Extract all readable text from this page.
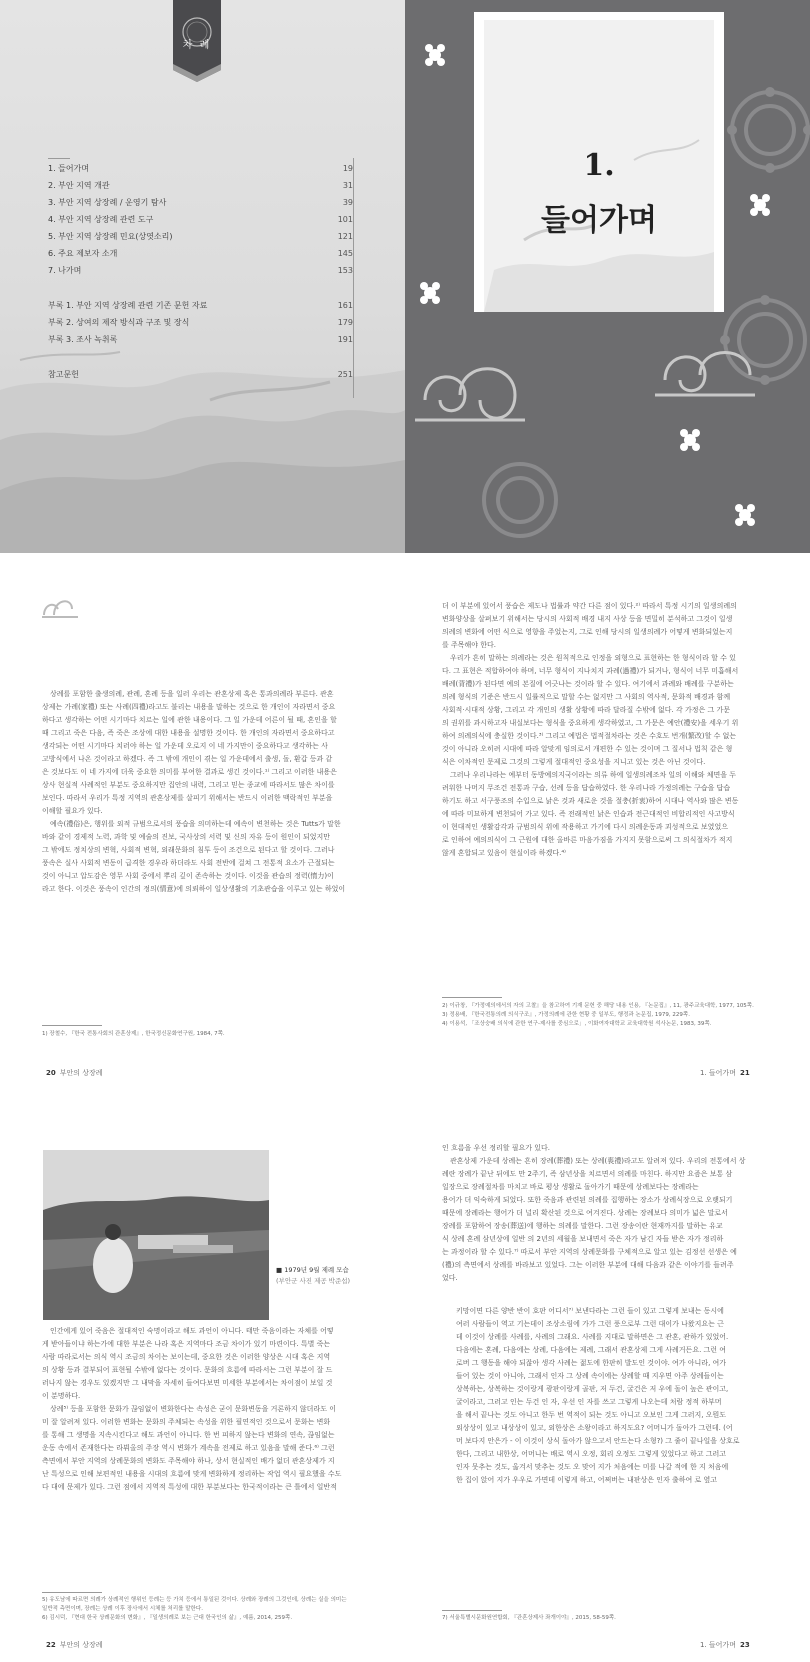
차 례
1. 들어가며	19
2. 부안 지역 개관	31
3. 부안 지역 상장례 / 운영기 탐사	39
4. 부안 지역 상장례 관련 도구	101
5. 부안 지역 상장례 민요(상엿소리)	121
6. 주요 제보자 소개	145
7. 나가며	153
부록 1. 부안 지역 상장례 관련 기존 문헌 자료	161
부록 2. 상여의 제작 방식과 구조 및 장식	179
부록 3. 조사 녹취록	191
참고문헌	251
1.
들어가며
상례를 포함한 출생의례, 관례, 혼례 등을 일러 우리는 관혼상제 혹은 통과의례라 부른다. 관혼
상제는 가례(家禮) 또는 사례(四禮)라고도 불리는 내용을 말하는 것으로 한 개인이 자라면서 중요
하다고 생각하는 어떤 시기마다 치르는 일에 관한 내용이다. 그 일 가운데 어른이 될 때, 혼인을 할
때 그리고 죽은 다음, 즉 죽은 조상에 대한 내용을 설명한 것이다. 한 개인의 자라면서 중요하다고
생각되는 어떤 시기마다 치러야 하는 일 가운데 오로지 이 네 가지만이 중요하다고 생각하는 사
고방식에서 나온 것이라고 하겠다. 즉 그 밖에 개인이 겪는 일 가운데에서 출생, 돌, 환갑 등과 같
은 것보다도 이 네 가지에 더욱 중요한 의미를 부여한 결과로 생긴 것이다.¹⁾ 그리고 이러한 내용은
상사 현실적 사례적인 부분도 중요하지만 집안의 내력, 그리고 믿는 종교에 따라서도 많은 차이를
보인다. 따라서 우리가 특정 지역의 관혼상제를 살피기 위해서는 반드시 이러한 맥락적인 부분을
이해할 필요가 있다.
예속(禮俗)은, 행위를 외적 규범으로서의 풍습을 의미하는데 예속이 변천하는 것은 Tutts가 말한
바와 같이 경제적 노력, 과학 및 예술의 진보, 국사상의 서력 및 신의 자유 등이 원인이 되었지만
그 밖에도 정치상의 변혁, 사회적 변혁, 외래문화의 침투 등이 조건으로 된다고 할 것이다. 그러나
풍속은 실사 사회적 변동이 급격한 경우라 하더라도 사회 전반에 걸쳐 그 전통적 요소가 근절되는
것이 아니고 압도감은 영무 사회 중에서 뿌리 깊이 존속하는 것이다. 이것을 관습의 정력(惰力)이
라고 한다. 이것은 풍속이 인간의 정의(情意)에 의뢰하이 일상생활의 기초관습을 이루고 있는 하었이
1) 장철수, 『한국 전통사회의 관혼상제』, 한국정신문화연구원, 1984, 7쪽.
20 부안의 상장례
더 이 부분에 있어서 풍습은 제도나 법률과 약간 다른 점이 있다.²⁾ 따라서 특정 시기의 일생의례의
변화양상을 살펴보기 위해서는 당시의 사회적 배경 내지 사상 등을 면밀히 분석하고 그것이 일생
의례의 변화에 어떤 식으로 영향을 주었는지, 그로 인해 당시의 일생의례가 어떻게 변화되었는지
를 주목해야 한다.
우리가 흔히 말하는 의례라는 것은 원칙적으로 인정을 외형으로 표현하는 한 형식이라 할 수 있
다. 그 표현은 적합하여야 하며, 너무 형식이 지나치지 과례(過禮)가 되거나, 형식이 너무 미흡해서
배례(背禮)가 된다면 예의 본질에 어긋나는 것이라 할 수 있다. 여기에서 과례와 배례를 구분하는
의례 형식의 기준은 반드시 일률적으로 말할 수는 없지만 그 사회의 역사적, 문화적 배경과 함께
사회적·시대적 상황, 그리고 각 개인의 생활 상황에 따라 달라질 수밖에 없다. 각 가정은 그 가문
의 권위를 과시하고자 내실보다는 형식을 중요하게 생각하였고, 그 가문은 예안(禮安)을 세우기 위
하여 의례의식에 충실한 것이다.³⁾ 그리고 예법은 법적절차라는 것은 수호도 번개(繁改)할 수 없는
것이 아니라 오히려 시대에 따라 알맞게 임의로서 개편한 수 있는 것이며 그 질서나 법칙 같은 형
식은 이차적인 문제로 그것의 그렇게 절대적인 중요성을 지니고 있는 것은 아닌 것이다.
그러나 우리나라는 예부터 동방예의지국이라는 의류 하에 일생의례조차 일의 이해와 체면을 두
려워한 나머지 무조건 전통과 구습, 선례 등을 답습하였다. 한 우리나라 가정의례는 구습을 답습
하기도 하고 서구풍조의 수입으로 낡은 것과 새로운 것을 절충(折衷)하여 시대나 역사와 많은 변동
에 따라 미묘하게 변천되어 가고 있다. 즉 전래적인 낡은 인습과 전근대적인 비합리적인 사고방식
이 현대적인 생활감각과 규범의식 위에 작용하고 가기에 다시 의례운동과 괴성적으로 보였었으
로 인하여 예의의식이 그 근원에 대한 올바른 마음가짐을 가지지 못함으로써 그 의식절차가 적지
않게 혼합되고 있음이 현실이라 하겠다.⁴⁾
2) 이규창, 『가정예의에서의 자의 고찰』을 참고하여 기재 문헌 중 해당 내용 인용, 『논문집』, 11, 광주교육대학, 1977, 105쪽.
3) 정용배, 『한국전통의례 의식구조』, 가정의례에 관한 현황 중 일부도, 행정과 논문집, 1979, 229쪽.
4) 이용석, 「조상숭배 의식에 관한 연구-제사를 중심으로」, 이화여자대학교 교육대학원 석사논문, 1983, 39쪽.
1. 들어가며 21
■ 1979년 9월 제례 모습
(부안군 사진 제공 박준섭)
인간에게 있어 죽음은 절대적인 숙명이라고 해도 과언이 아니다. 태만 죽음이라는 자체를 어떻
게 받아들이냐 하는가에 대한 부분은 나라 혹은 지역마다 조금 차이가 있기 마련이다. 특별 죽는
사람 따라로서는 의식 역시 조금의 차이는 보이는데, 중요한 것은 이러한 양상은 시대 혹은 지역
의 상황 등과 결부되어 표현될 수밖에 없다는 것이다. 문화의 흐름에 따라서는 그런 부분이 잘 드
러나지 않는 경우도 있겠지만 그 내막을 자세히 들여다보면 미세한 부분에서는 차이점이 보일 것
이 분명하다.
상례⁵⁾ 등을 포함한 문화가 끊임없이 변화한다는 속성은 굳이 문화변동을 거론하지 않더라도 이
미 잘 알려져 있다. 이러한 변화는 문화의 주체되는 속성을 위한 필연적인 것으로서 문화는 변화
를 통해 그 생명을 지속시킨다고 해도 과언이 아니다. 한 번 피하지 않는다 변화의 연속, 끊임없는
운동 속에서 존재한다는 라뷔올의 주장 역시 변화가 계속을 전제로 하고 있음을 말해 준다.⁶⁾ 그런
측면에서 부안 지역의 상례문화의 변화도 주목해야 하나, 상서 현실적인 배가 없더 관혼상제가 지
난 특성으로 인해 보편적인 내용을 시대의 흐름에 맞게 변화하게 정리하는 작업 역시 필요했을 수도
다 대에 문제가 있다. 그런 점에서 지역적 특성에 대한 부분보다는 한국적이라는 큰 틀에서 일반적
5) 유도남에 따르면 의례가 상례적인 행위인 등례는 등 가치 등에서 통일된 것이다. 상례와 장례의 그것인데, 상례는 실을 의미는
일반적 측면이며, 장례는 상례 이후 장사에서 시체를 처리를 말한다.
6) 김시덕, 『현대 한국 상례문화의 변화』, 『일생의례로 보는 근대 한국인의 삶』, 예름, 2014, 259쪽.
22 부안의 상장례
인 흐름을 우선 정리할 필요가 있다.
관혼상제 가운데 상례는 흔히 장례(葬禮) 또는 상례(喪禮)라고도 알려져 있다. 우리의 전통에서 상
례란 장례가 끝난 뒤에도 만 2주기, 즉 삼년상을 치르면서 의례를 마친다. 하지만 요즘은 보통 삼
일장으로 장례절차를 마치고 바로 평상 생활로 돌아가기 때문에 상례보다는 장례라는
용어가 더 익숙하게 되었다. 또한 죽음과 관련된 의례를 집행하는 장소가 상례식장으로 오랫되기
때문에 장례라는 행어가 더 널리 확산된 것으로 여겨진다. 상례는 장례보다 의미가 넓은 말로서
장례를 포함하여 장송(葬送)에 행하는 의례를 말한다. 그런 장송이란 현재까지를 말하는 유교
식 상례 혼례 삼년상에 일반 의 2년의 세월을 보내면서 죽은 자가 남긴 자들 받은 자가 정리하
는 과정이라 할 수 있다.⁷⁾ 따로서 부안 지역의 상례문화를 구체적으로 알고 있는 김정선 선생은 예
(禮)의 측면에서 상례를 바라보고 있었다. 그는 이러한 부분에 대해 다음과 같은 이야기를 들려주
었다.
키망이면 다른 양반 반이 호판 어디서⁷⁾ 보낸다라는 그런 들이 있고 그렇게 보내는 동시에
여러 사람들이 역고 기는데이 조상소림에 가가 그런 풍으로부 그런 대이가 나왔지요는 근
데 이것이 상례를 사례를, 사례의 그래요. 사례를 지대로 말하면은 그 관혼, 관하가 있었어.
다음에는 혼례, 다음에는 상례, 다음에는 제례, 그래서 관혼상제 그게 사례거든요. 그런 여
로버 그 행동을 해야 되잖아 생각 사례는 젊도에 한판히 발도인 것이야. 여가 아니라, 여가
들어 있는 것이 아니야, 그래서 인자 그 상례 속이에는 상례할 때 지우면 아주 상례들이는
상복하는, 상복하는 것이랑게 광판이랑게 골판, 저 두건, 굴건은 저 우에 돌이 높은 관이고,
굴이라고, 그러고 인는 두건 인 자, 우선 인 자를 쓰고 그렇게 나오는데 처람 정적 하부머
을 해서 끝나는 것도 아니고 한두 번 역적이 되는 것도 아니고 오보인 그게 그러지, 오뭔도
외상상이 있고 내상상이 있고, 외한상은 소왕이라고 하지도요? 어머니가 돌아가 그런데. (어
머 보다지 안은가 - 이 이것이 상식 돌아가 않으고서 안드는다 소형?) 그 줄이 끝나일을 상호로
한다, 그리고 내한상, 어머니는 배로 역시 오정, 회리 오정도 그렇게 있었다고 하고 그러고
인자 뭇추는 것도, 옮겨서 맞추는 것도 오 맞어 지가 처음에는 미를 나갈 적에 한 지 처음에
한 집이 앉어 지가 우우로 가면데 이렇게 하고, 어쩌버는 내판상은 인자 출하여 로 옆고
7) 서울특별시문화원연합회, 『관혼상제사 좌개이야』, 2015, 58-59쪽.
1. 들어가며 23
